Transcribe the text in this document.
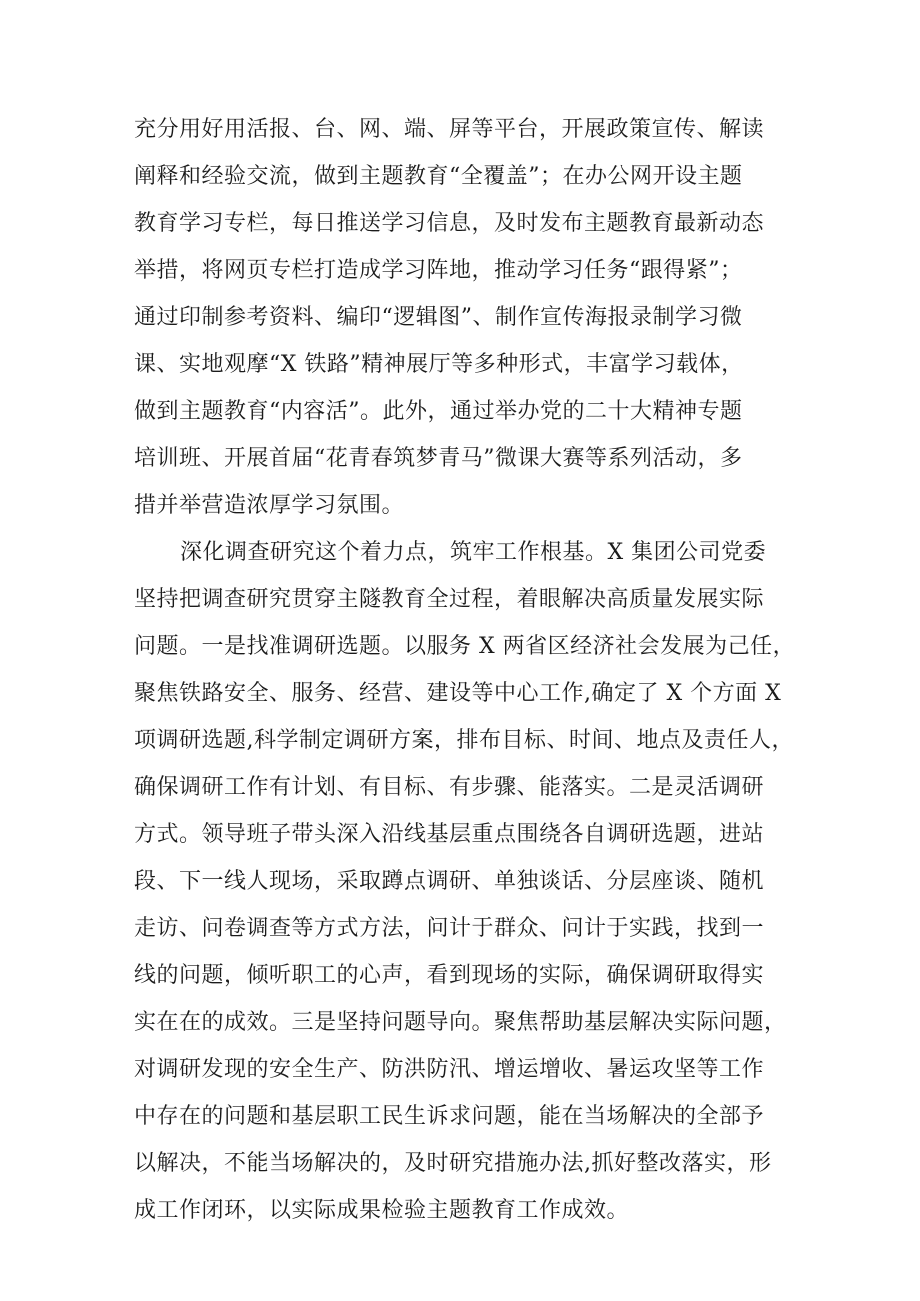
充分用好用活报、台、网、端、屏等平台，开展政策宣传、解读

阐释和经验交流，做到主题教育“全覆盖”；在办公网开设主题

教育学习专栏，每日推送学习信息，及时发布主题教育最新动态

举措，将网页专栏打造成学习阵地，推动学习任务“跟得紧”；

通过印制参考资料、编印“逻辑图”、制作宣传海报录制学习微

课、实地观摩“X 铁路”精神展厅等多种形式，丰富学习载体，

做到主题教育“内容活”。此外，通过举办党的二十大精神专题

培训班、开展首届“花青春筑梦青马”微课大赛等系列活动，多

措并举营造浓厚学习氛围。

深化调查研究这个着力点，筑牢工作根基。X 集团公司党委

坚持把调查研究贯穿主隧教育全过程，着眼解决高质量发展实际

问题。一是找准调研选题。以服务 X 两省区经济社会发展为己任，

聚焦铁路安全、服务、经营、建设等中心工作,确定了 X 个方面 X

项调研选题,科学制定调研方案，排布目标、时间、地点及责任人，

确保调研工作有计划、有目标、有步骤、能落实。二是灵活调研

方式。领导班子带头深入沿线基层重点围绕各自调研选题，进站

段、下一线人现场，采取蹲点调研、单独谈话、分层座谈、随机

走访、问卷调查等方式方法，问计于群众、问计于实践，找到一

线的问题，倾听职工的心声，看到现场的实际，确保调研取得实

实在在的成效。三是坚持问题导向。聚焦帮助基层解决实际问题，

对调研发现的安全生产、防洪防汛、增运增收、暑运攻坚等工作

中存在的问题和基层职工民生诉求问题，能在当场解决的全部予

以解决，不能当场解决的，及时研究措施办法,抓好整改落实，形

成工作闭环，以实际成果检验主题教育工作成效。
